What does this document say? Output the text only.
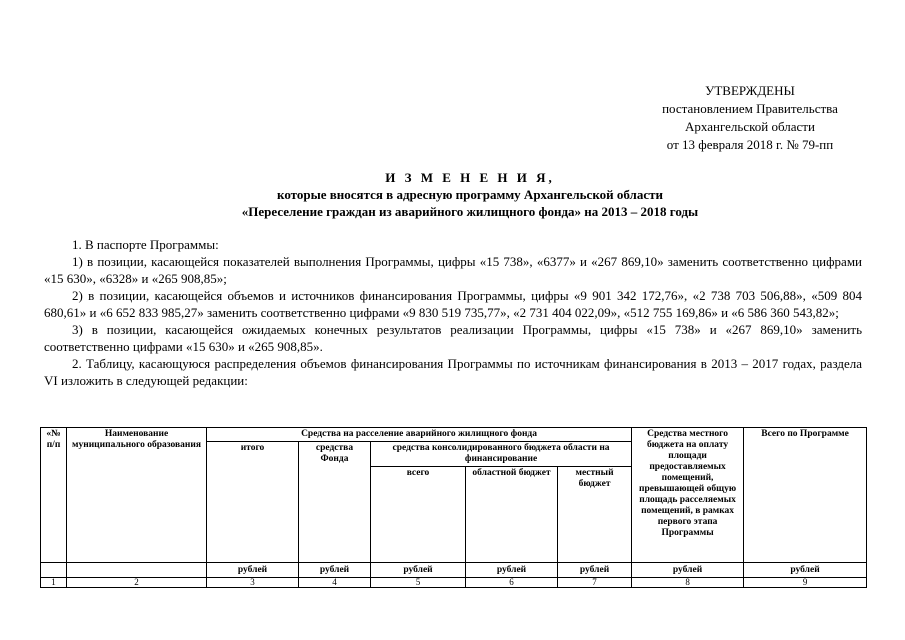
УТВЕРЖДЕНЫ
постановлением Правительства
Архангельской области
от 13 февраля 2018 г. № 79-пп
И З М Е Н Е Н И Я,
которые вносятся в адресную программу Архангельской области
«Переселение граждан из аварийного жилищного фонда» на 2013 – 2018 годы

1. В паспорте Программы:

1) в позиции, касающейся показателей выполнения Программы, цифры «15 738», «6377» и «267 869,10» заменить соответственно цифрами «15 630», «6328» и «265 908,85»;

2) в позиции, касающейся объемов и источников финансирования Программы, цифры «9 901 342 172,76», «2 738 703 506,88», «509 804 680,61» и «6 652 833 985,27» заменить соответственно цифрами «9 830 519 735,77», «2 731 404 022,09», «512 755 169,86» и «6 586 360 543,82»;

3) в позиции, касающейся ожидаемых конечных результатов реализации Программы, цифры «15 738» и «267 869,10» заменить соответственно цифрами «15 630» и «265 908,85».

2. Таблицу, касающуюся распределения объемов финансирования Программы по источникам финансирования в 2013 – 2017 годах, раздела VI изложить в следующей редакции:

«№ п/п	Наименование муниципального образования	Средства на расселение аварийного жилищного фонда					Средства местного бюджета на оплату площади предоставляемых помещений, превышающей общую площадь расселяемых помещений, в рамках первого этапа Программы	Всего по Программе
		итого	средства Фонда	средства консолидированного бюджета области на финансирование				
				всего	областной бюджет	местный бюджет		
		рублей	рублей	рублей	рублей	рублей	рублей	рублей
1	2	3	4	5	6	7	8	9
